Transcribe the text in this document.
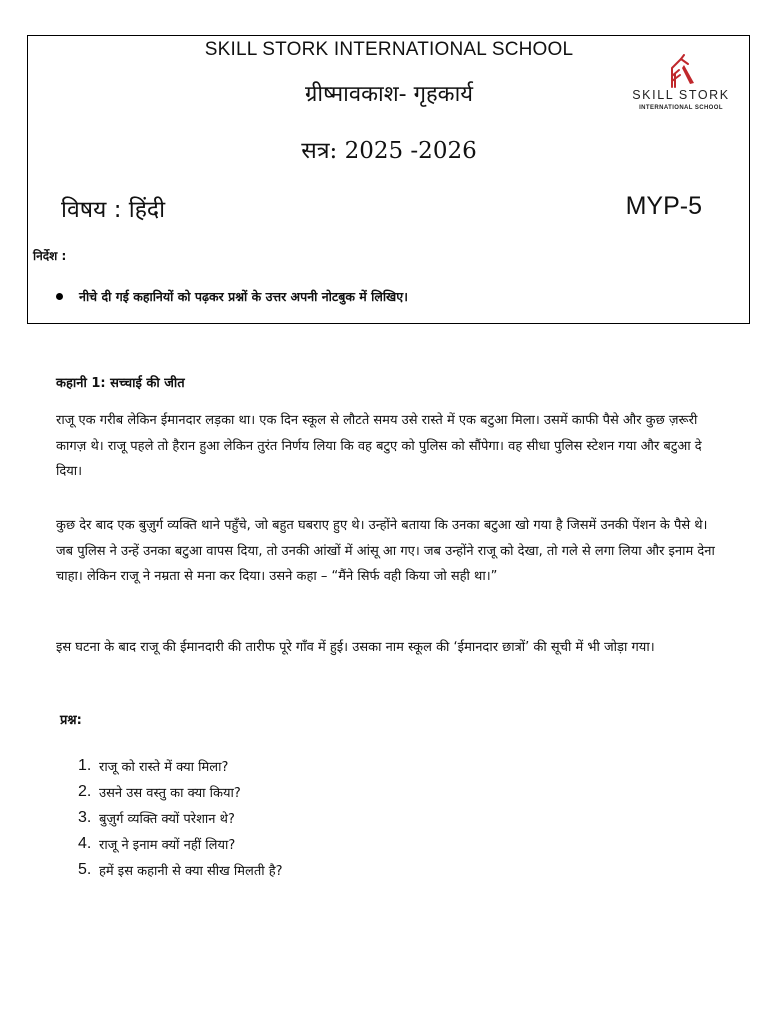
SKILL STORK INTERNATIONAL SCHOOL
ग्रीष्मावकाश- गृहकार्य
सत्र: 2025 -2026
विषय : हिंदी	MYP-5
निर्देश :
नीचे दी गई कहानियों को पढ़कर प्रश्नों के उत्तर अपनी नोटबुक में लिखिए।
SKILL STORK
INTERNATIONAL SCHOOL
कहानी 1: सच्चाई की जीत

राजू एक गरीब लेकिन ईमानदार लड़का था। एक दिन स्कूल से लौटते समय उसे रास्ते में एक बटुआ मिला। उसमें काफी पैसे और कुछ ज़रूरी कागज़ थे। राजू पहले तो हैरान हुआ लेकिन तुरंत निर्णय लिया कि वह बटुए को पुलिस को सौंपेगा। वह सीधा पुलिस स्टेशन गया और बटुआ दे दिया।

कुछ देर बाद एक बुज़ुर्ग व्यक्ति थाने पहुँचे, जो बहुत घबराए हुए थे। उन्होंने बताया कि उनका बटुआ खो गया है जिसमें उनकी पेंशन के पैसे थे। जब पुलिस ने उन्हें उनका बटुआ वापस दिया, तो उनकी आंखों में आंसू आ गए। जब उन्होंने राजू को देखा, तो गले से लगा लिया और इनाम देना चाहा। लेकिन राजू ने नम्रता से मना कर दिया। उसने कहा – “मैंने सिर्फ वही किया जो सही था।”

इस घटना के बाद राजू की ईमानदारी की तारीफ पूरे गाँव में हुई। उसका नाम स्कूल की ‘ईमानदार छात्रों’ की सूची में भी जोड़ा गया।

प्रश्न:
1. राजू को रास्ते में क्या मिला?
2. उसने उस वस्तु का क्या किया?
3. बुज़ुर्ग व्यक्ति क्यों परेशान थे?
4. राजू ने इनाम क्यों नहीं लिया?
5. हमें इस कहानी से क्या सीख मिलती है?
